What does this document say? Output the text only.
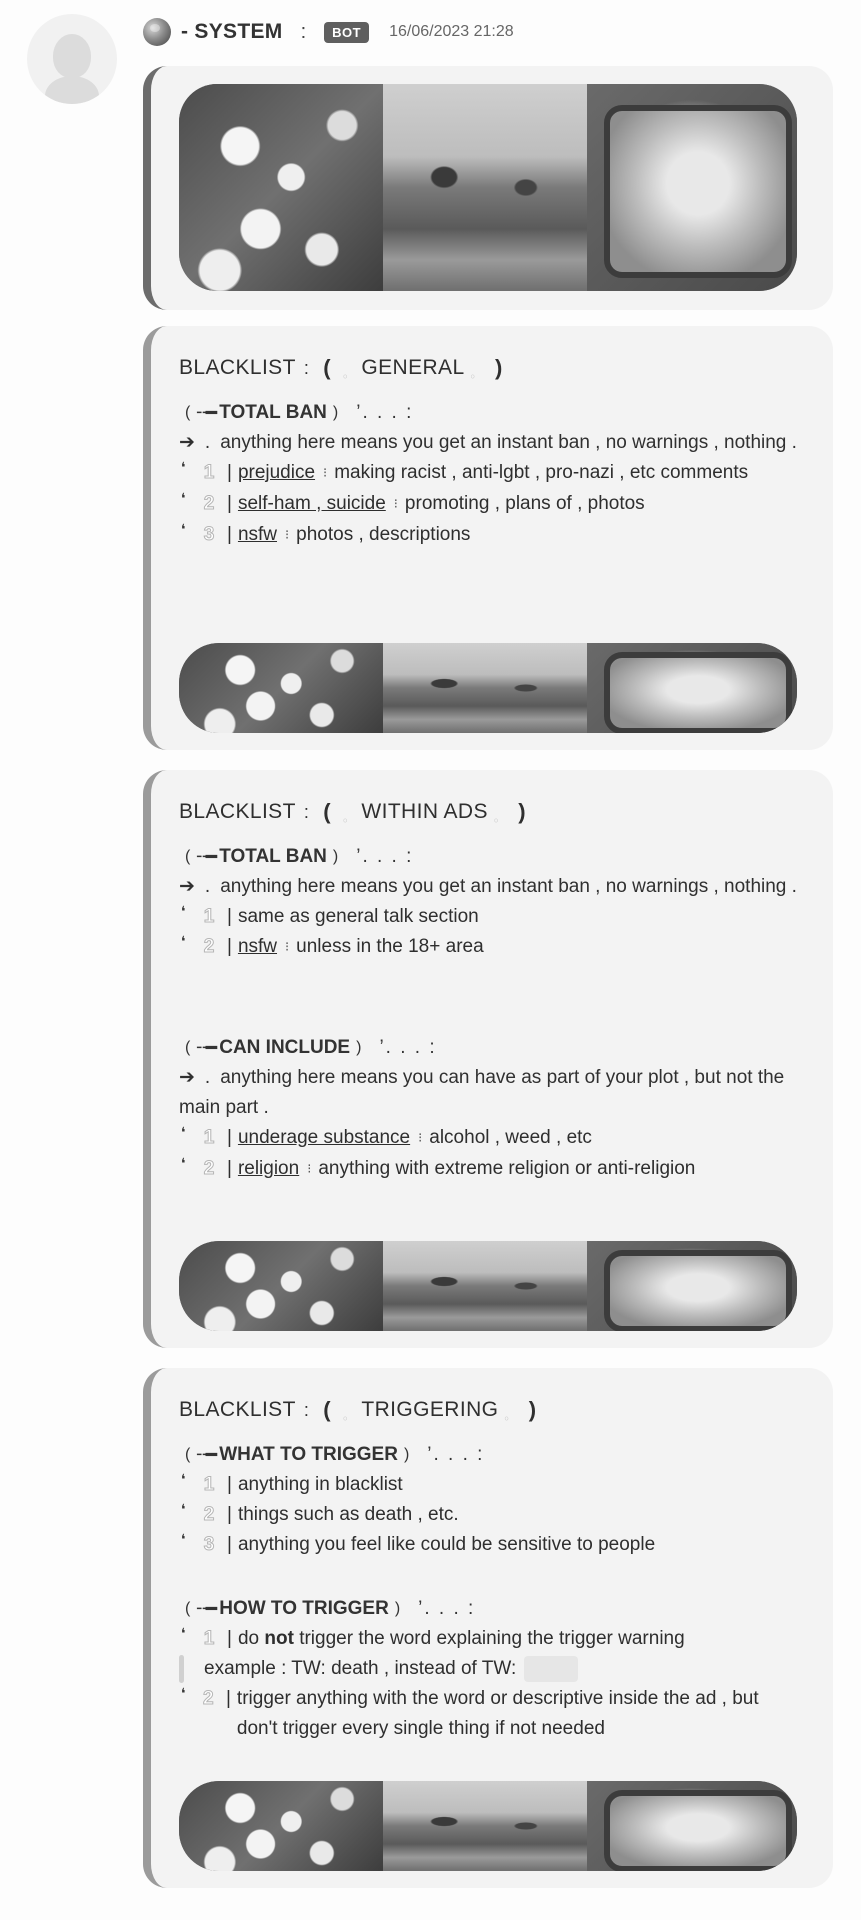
- SYSTEM :	BOT	16/06/2023 21:28
BLACKLIST : ( 。 GENERAL 。 )
( ╌━ TOTAL BAN ) ’. . . :
➔ . anything here means you get an instant ban , no warnings , nothing .
❛ 1 | prejudice ⁝ making racist , anti-lgbt , pro-nazi , etc comments
❛ 2 | self-ham , suicide ⁝ promoting , plans of , photos
❛ 3 | nsfw ⁝ photos , descriptions
BLACKLIST : ( 。 WITHIN ADS 。 )
( ╌━ TOTAL BAN ) ’. . . :
➔ . anything here means you get an instant ban , no warnings , nothing .
❛ 1 | same as general talk section
❛ 2 | nsfw ⁝ unless in the 18+ area
( ╌━ CAN INCLUDE ) ’. . . :
➔ . anything here means you can have as part of your plot , but not the main part .
❛ 1 | underage substance ⁝ alcohol , weed , etc
❛ 2 | religion ⁝ anything with extreme religion or anti-religion
BLACKLIST : ( 。 TRIGGERING 。 )
( ╌━ WHAT TO TRIGGER ) ’. . . :
❛ 1 | anything in blacklist
❛ 2 | things such as death , etc.
❛ 3 | anything you feel like could be sensitive to people
( ╌━ HOW TO TRIGGER ) ’. . . :
❛ 1 | do not trigger the word explaining the trigger warning
example : TW: death , instead of TW:
❛ 2 | trigger anything with the word or descriptive inside the ad , but don't trigger every single thing if not needed
